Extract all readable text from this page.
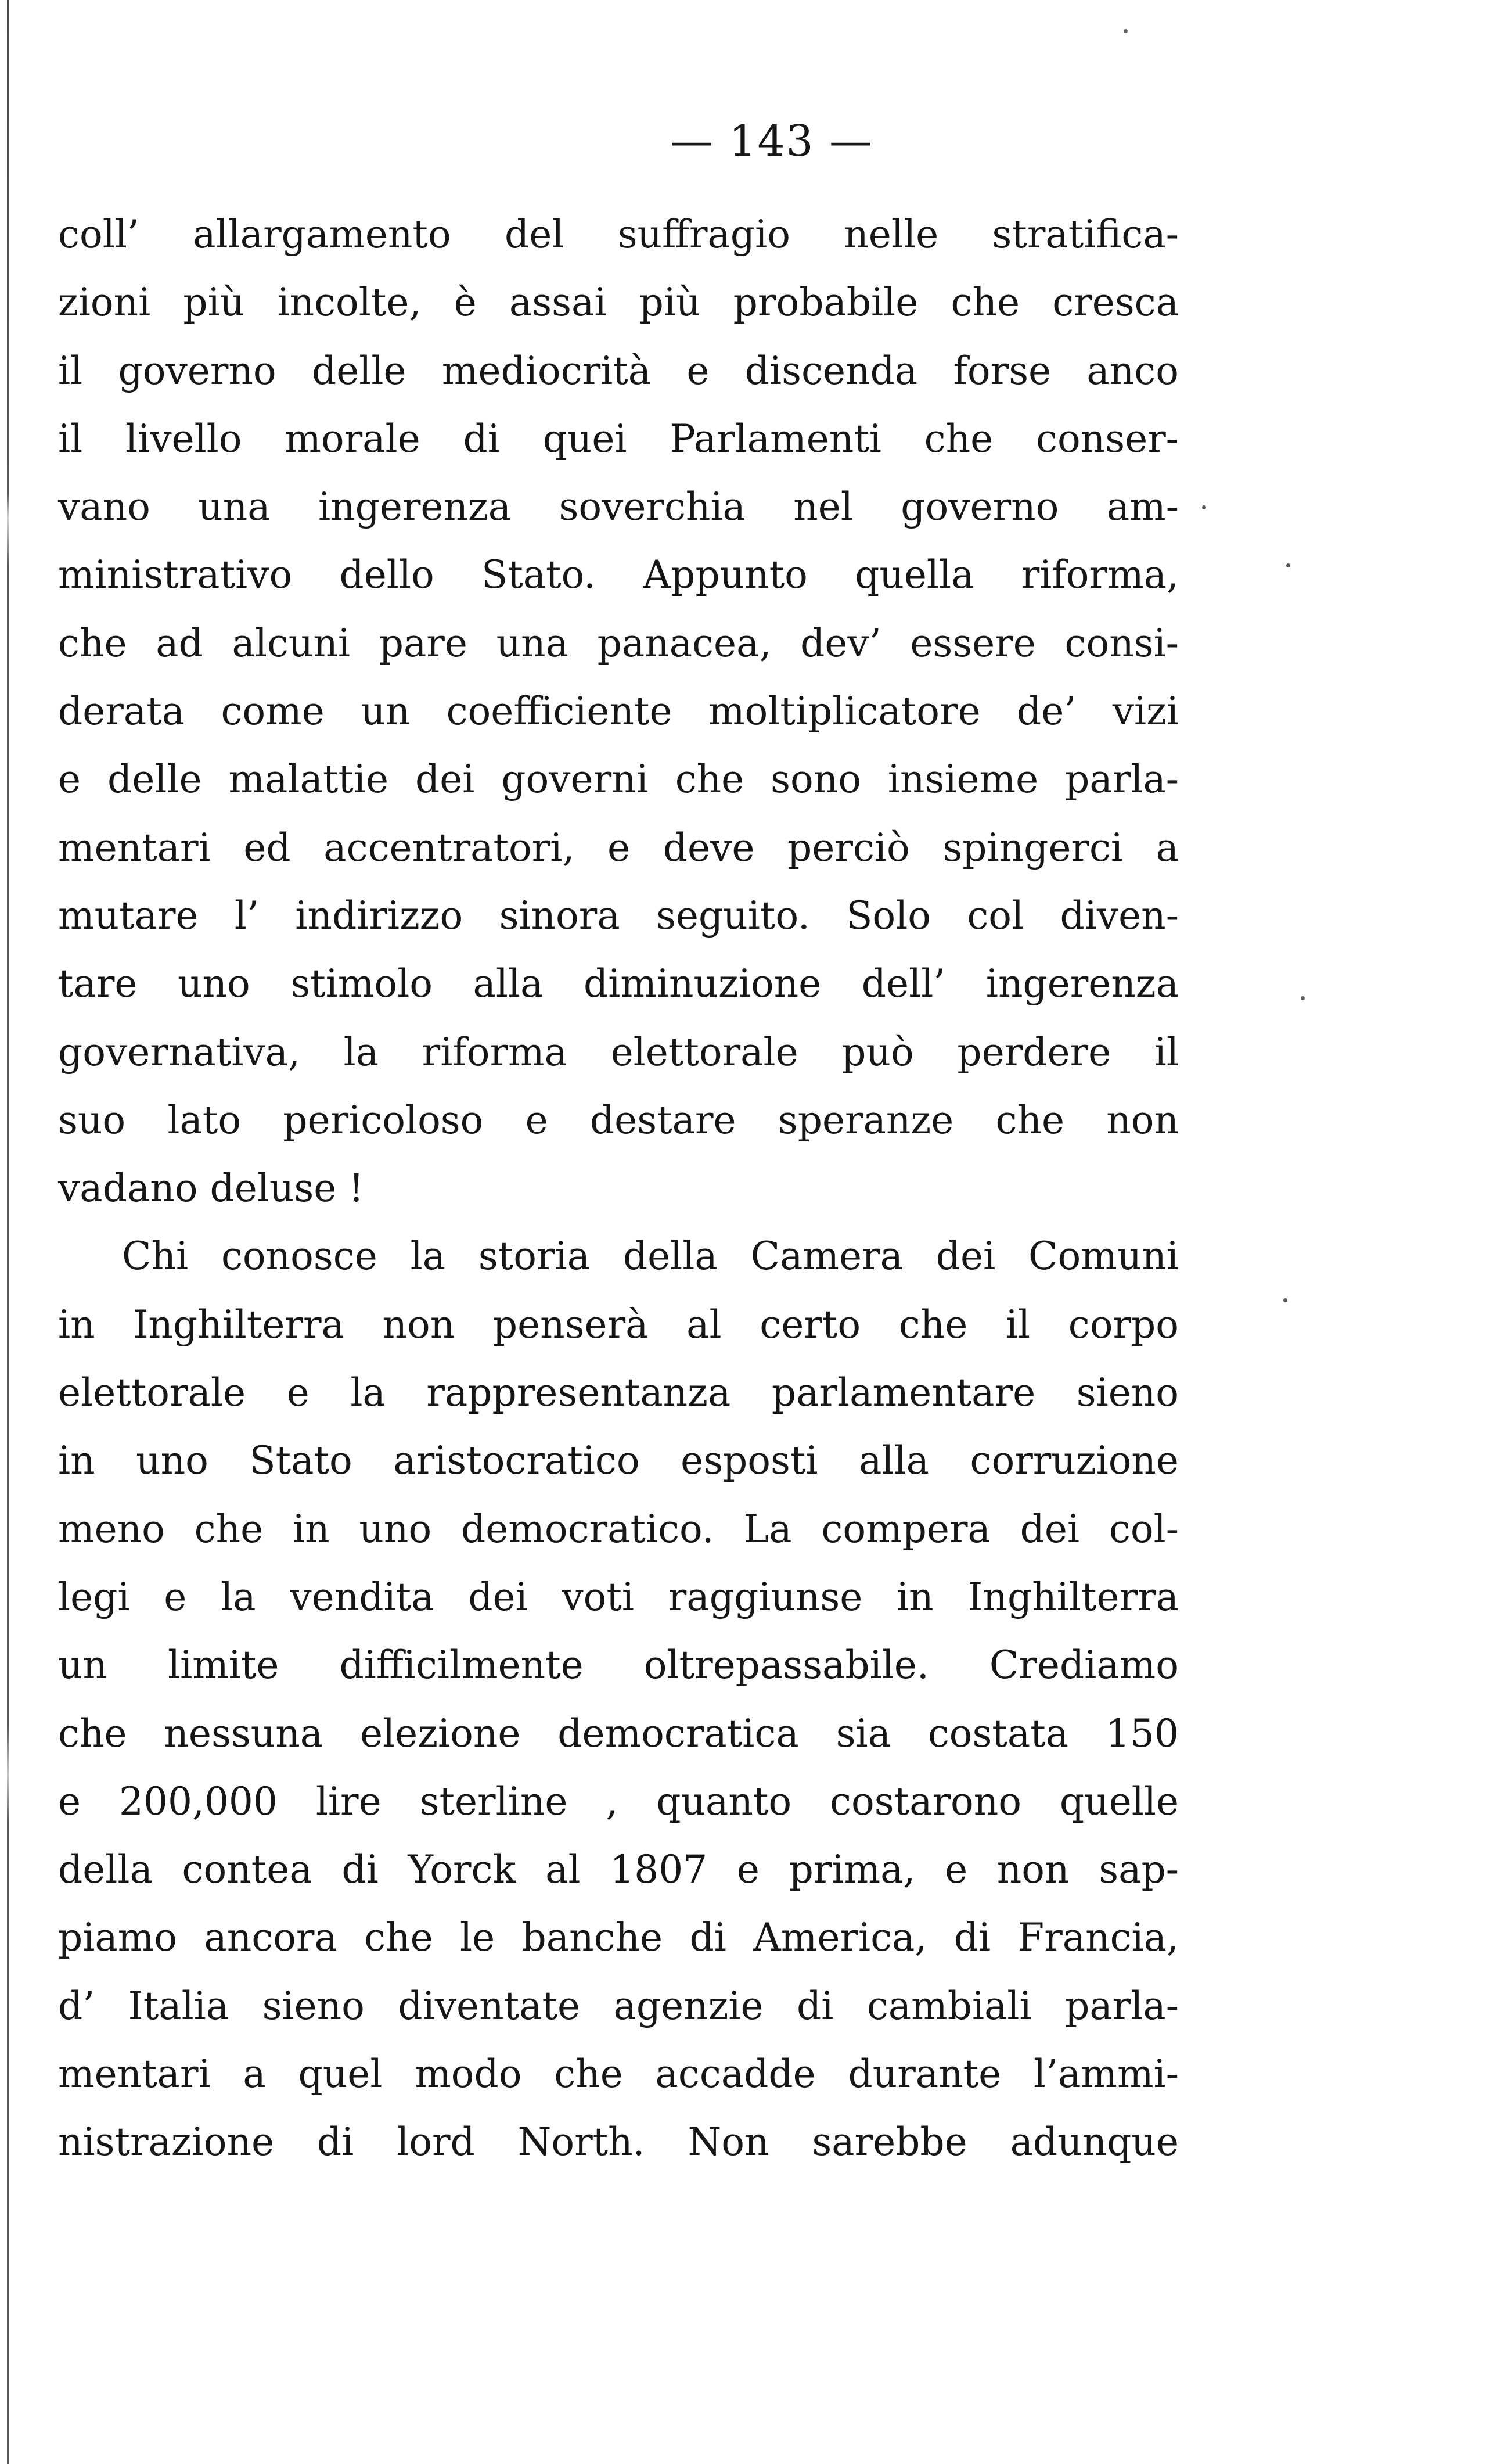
— 143 —
coll’ allargamento del suffragio nelle stratifica-
zioni più incolte, è assai più probabile che cresca
il governo delle mediocrità e discenda forse anco
il livello morale di quei Parlamenti che conser-
vano una ingerenza soverchia nel governo am-
ministrativo dello Stato. Appunto quella riforma,
che ad alcuni pare una panacea, dev’ essere consi-
derata come un coefficiente moltiplicatore de’ vizi
e delle malattie dei governi che sono insieme parla-
mentari ed accentratori, e deve perciò spingerci a
mutare l’ indirizzo sinora seguito. Solo col diven-
tare uno stimolo alla diminuzione dell’ ingerenza
governativa, la riforma elettorale può perdere il
suo lato pericoloso e destare speranze che non
vadano deluse !
Chi conosce la storia della Camera dei Comuni
in Inghilterra non penserà al certo che il corpo
elettorale e la rappresentanza parlamentare sieno
in uno Stato aristocratico esposti alla corruzione
meno che in uno democratico. La compera dei col-
legi e la vendita dei voti raggiunse in Inghilterra
un limite difficilmente oltrepassabile. Crediamo
che nessuna elezione democratica sia costata 150
e 200,000 lire sterline , quanto costarono quelle
della contea di Yorck al 1807 e prima, e non sap-
piamo ancora che le banche di America, di Francia,
d’ Italia sieno diventate agenzie di cambiali parla-
mentari a quel modo che accadde durante l’ammi-
nistrazione di lord North. Non sarebbe adunque
